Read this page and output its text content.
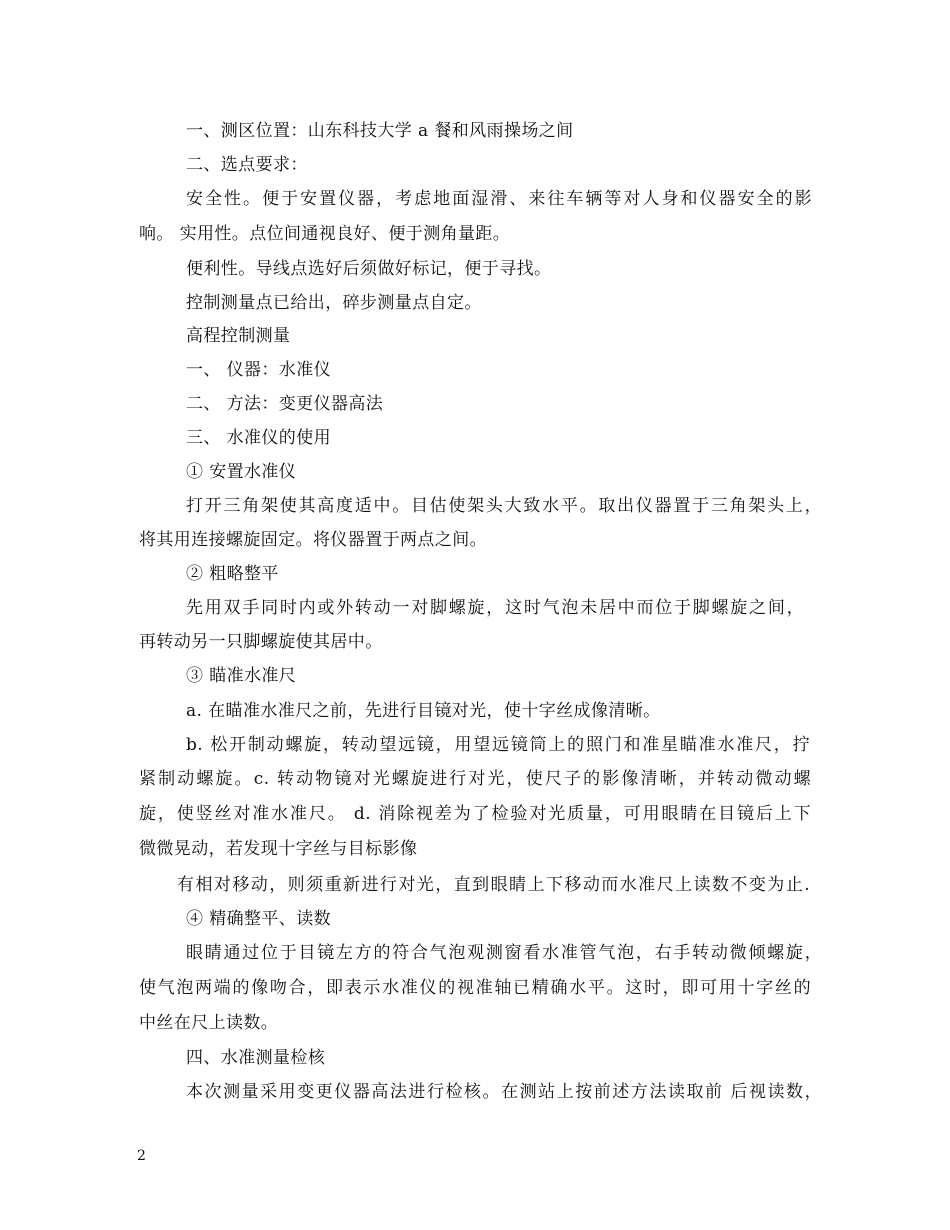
一、测区位置：山东科技大学 a 餐和风雨操场之间
二、选点要求：
安全性。便于安置仪器，考虑地面湿滑、来往车辆等对人身和仪器安全的影
响。 实用性。点位间通视良好、便于测角量距。
便利性。导线点选好后须做好标记，便于寻找。
控制测量点已给出，碎步测量点自定。
高程控制测量
一、 仪器：水准仪
二、 方法：变更仪器高法
三、 水准仪的使用
① 安置水准仪
打开三角架使其高度适中。目估使架头大致水平。取出仪器置于三角架头上，
将其用连接螺旋固定。将仪器置于两点之间。
② 粗略整平
先用双手同时内或外转动一对脚螺旋，这时气泡未居中而位于脚螺旋之间，
再转动另一只脚螺旋使其居中。
③ 瞄准水准尺
a. 在瞄准水准尺之前，先进行目镜对光，使十字丝成像清晰。
b. 松开制动螺旋，转动望远镜，用望远镜筒上的照门和准星瞄准水准尺，拧
紧制动螺旋。c. 转动物镜对光螺旋进行对光，使尺子的影像清晰，并转动微动螺
旋，使竖丝对准水准尺。 d. 消除视差为了检验对光质量，可用眼睛在目镜后上下
微微晃动，若发现十字丝与目标影像
有相对移动，则须重新进行对光，直到眼睛上下移动而水准尺上读数不变为止.
④ 精确整平、读数
眼睛通过位于目镜左方的符合气泡观测窗看水准管气泡，右手转动微倾螺旋，
使气泡两端的像吻合，即表示水准仪的视准轴已精确水平。这时，即可用十字丝的
中丝在尺上读数。
四、水准测量检核
本次测量采用变更仪器高法进行检核。在测站上按前述方法读取前 后视读数，
2
